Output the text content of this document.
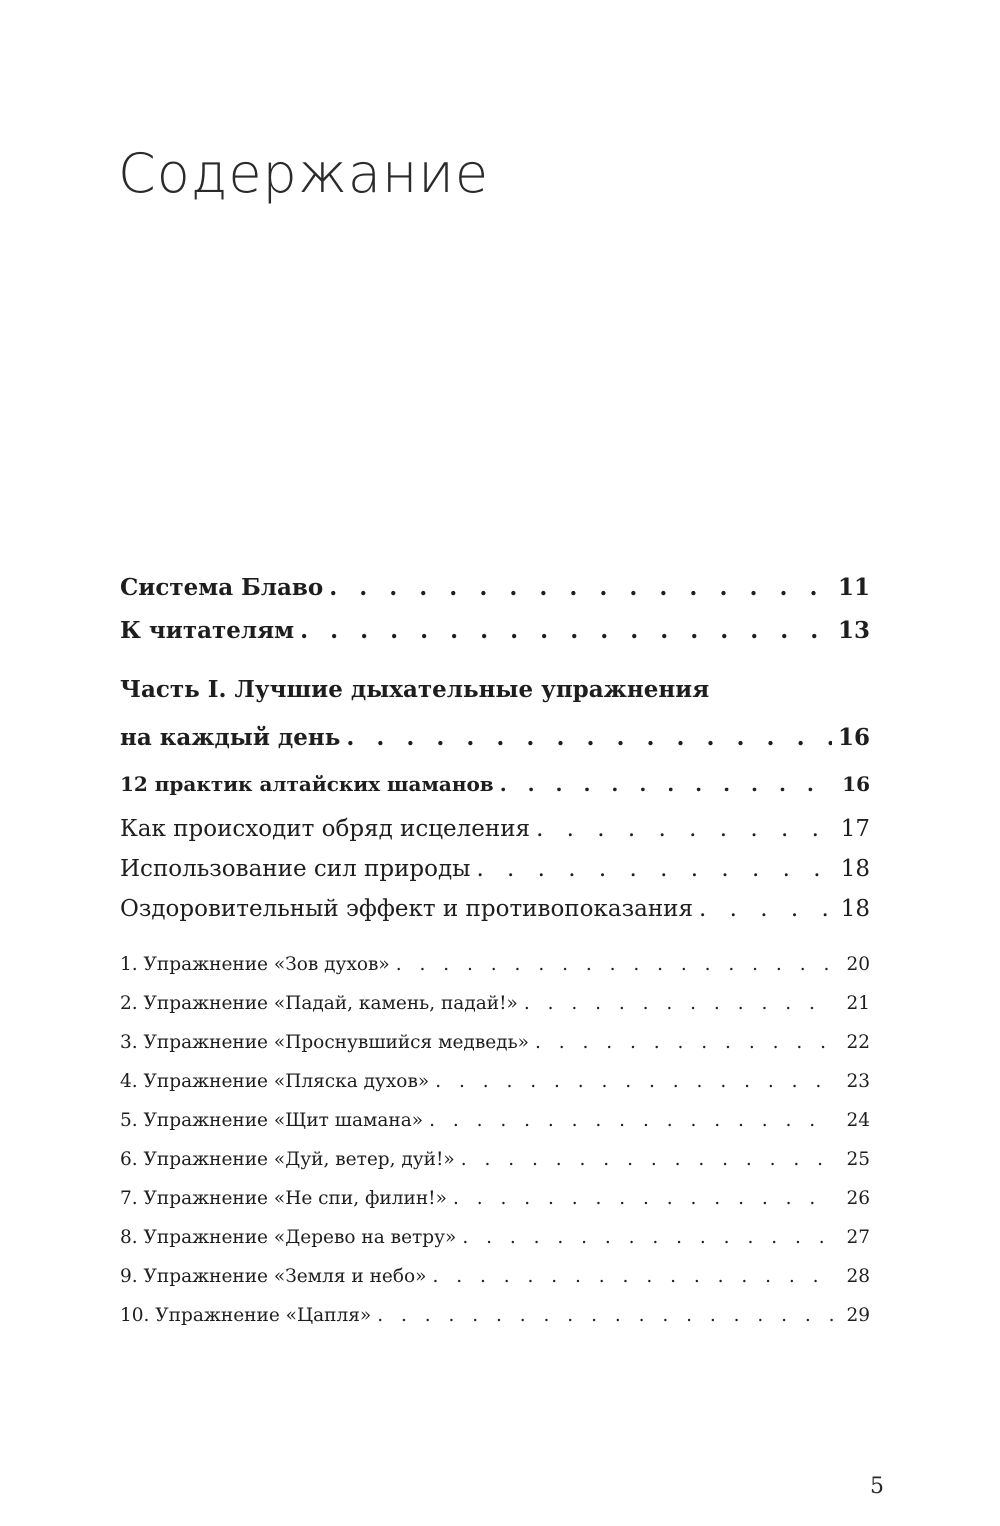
Содержание
Система Блаво . . .	11
К читателям . . .	13
Часть I. Лучшие дыхательные упражнения
на каждый день . . .	16
12 практик алтайских шаманов . . .	16
Как происходит обряд исцеления . . .	17
Использование сил природы . . .	18
Оздоровительный эффект и противопоказания . . .	18
1. Упражнение «Зов духов» . . .	20
2. Упражнение «Падай, камень, падай!» . . .	21
3. Упражнение «Проснувшийся медведь» . . .	22
4. Упражнение «Пляска духов» . . .	23
5. Упражнение «Щит шамана» . . .	24
6. Упражнение «Дуй, ветер, дуй!» . . .	25
7. Упражнение «Не спи, филин!» . . .	26
8. Упражнение «Дерево на ветру» . . .	27
9. Упражнение «Земля и небо» . . .	28
10. Упражнение «Цапля» . . .	29
5
